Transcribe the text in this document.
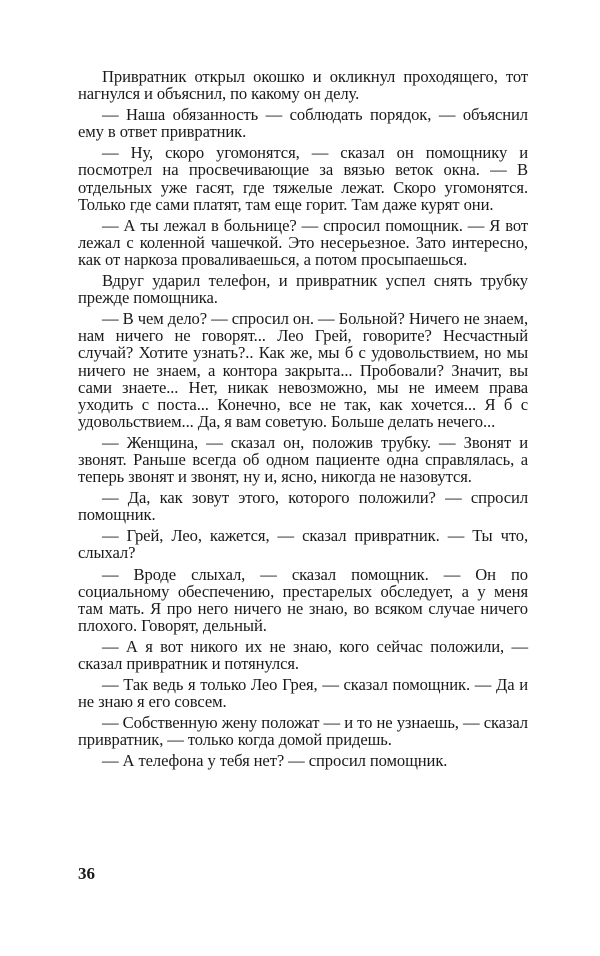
Привратник открыл окошко и окликнул проходящего, тот нагнулся и объяснил, по какому он делу.

— Наша обязанность — соблюдать порядок, — объяснил ему в ответ привратник.

— Ну, скоро угомонятся, — сказал он помощнику и посмотрел на просвечивающие за вязью веток окна. — В отдельных уже гасят, где тяжелые лежат. Скоро угомонятся. Только где сами платят, там еще горит. Там даже курят они.

— А ты лежал в больнице? — спросил помощник. — Я вот лежал с коленной чашечкой. Это несерьезное. Зато интересно, как от наркоза проваливаешься, а потом просыпаешься.

Вдруг ударил телефон, и привратник успел снять трубку прежде помощника.

— В чем дело? — спросил он. — Больной? Ничего не знаем, нам ничего не говорят... Лео Грей, говорите? Несчастный случай? Хотите узнать?.. Как же, мы б с удовольствием, но мы ничего не знаем, а контора закрыта... Пробовали? Значит, вы сами знаете... Нет, никак невозможно, мы не имеем права уходить с поста... Конечно, все не так, как хочется... Я б с удовольствием... Да, я вам советую. Больше делать нечего...

— Женщина, — сказал он, положив трубку. — Звонят и звонят. Раньше всегда об одном пациенте одна справлялась, а теперь звонят и звонят, ну и, ясно, никогда не назовутся.

— Да, как зовут этого, которого положили? — спросил помощник.

— Грей, Лео, кажется, — сказал привратник. — Ты что, слыхал?

— Вроде слыхал, — сказал помощник. — Он по социальному обеспечению, престарелых обследует, а у меня там мать. Я про него ничего не знаю, во всяком случае ничего плохого. Говорят, дельный.

— А я вот никого их не знаю, кого сейчас положили, — сказал привратник и потянулся.

— Так ведь я только Лео Грея, — сказал помощник. — Да и не знаю я его совсем.

— Собственную жену положат — и то не узнаешь, — сказал привратник, — только когда домой придешь.

— А телефона у тебя нет? — спросил помощник.

36
